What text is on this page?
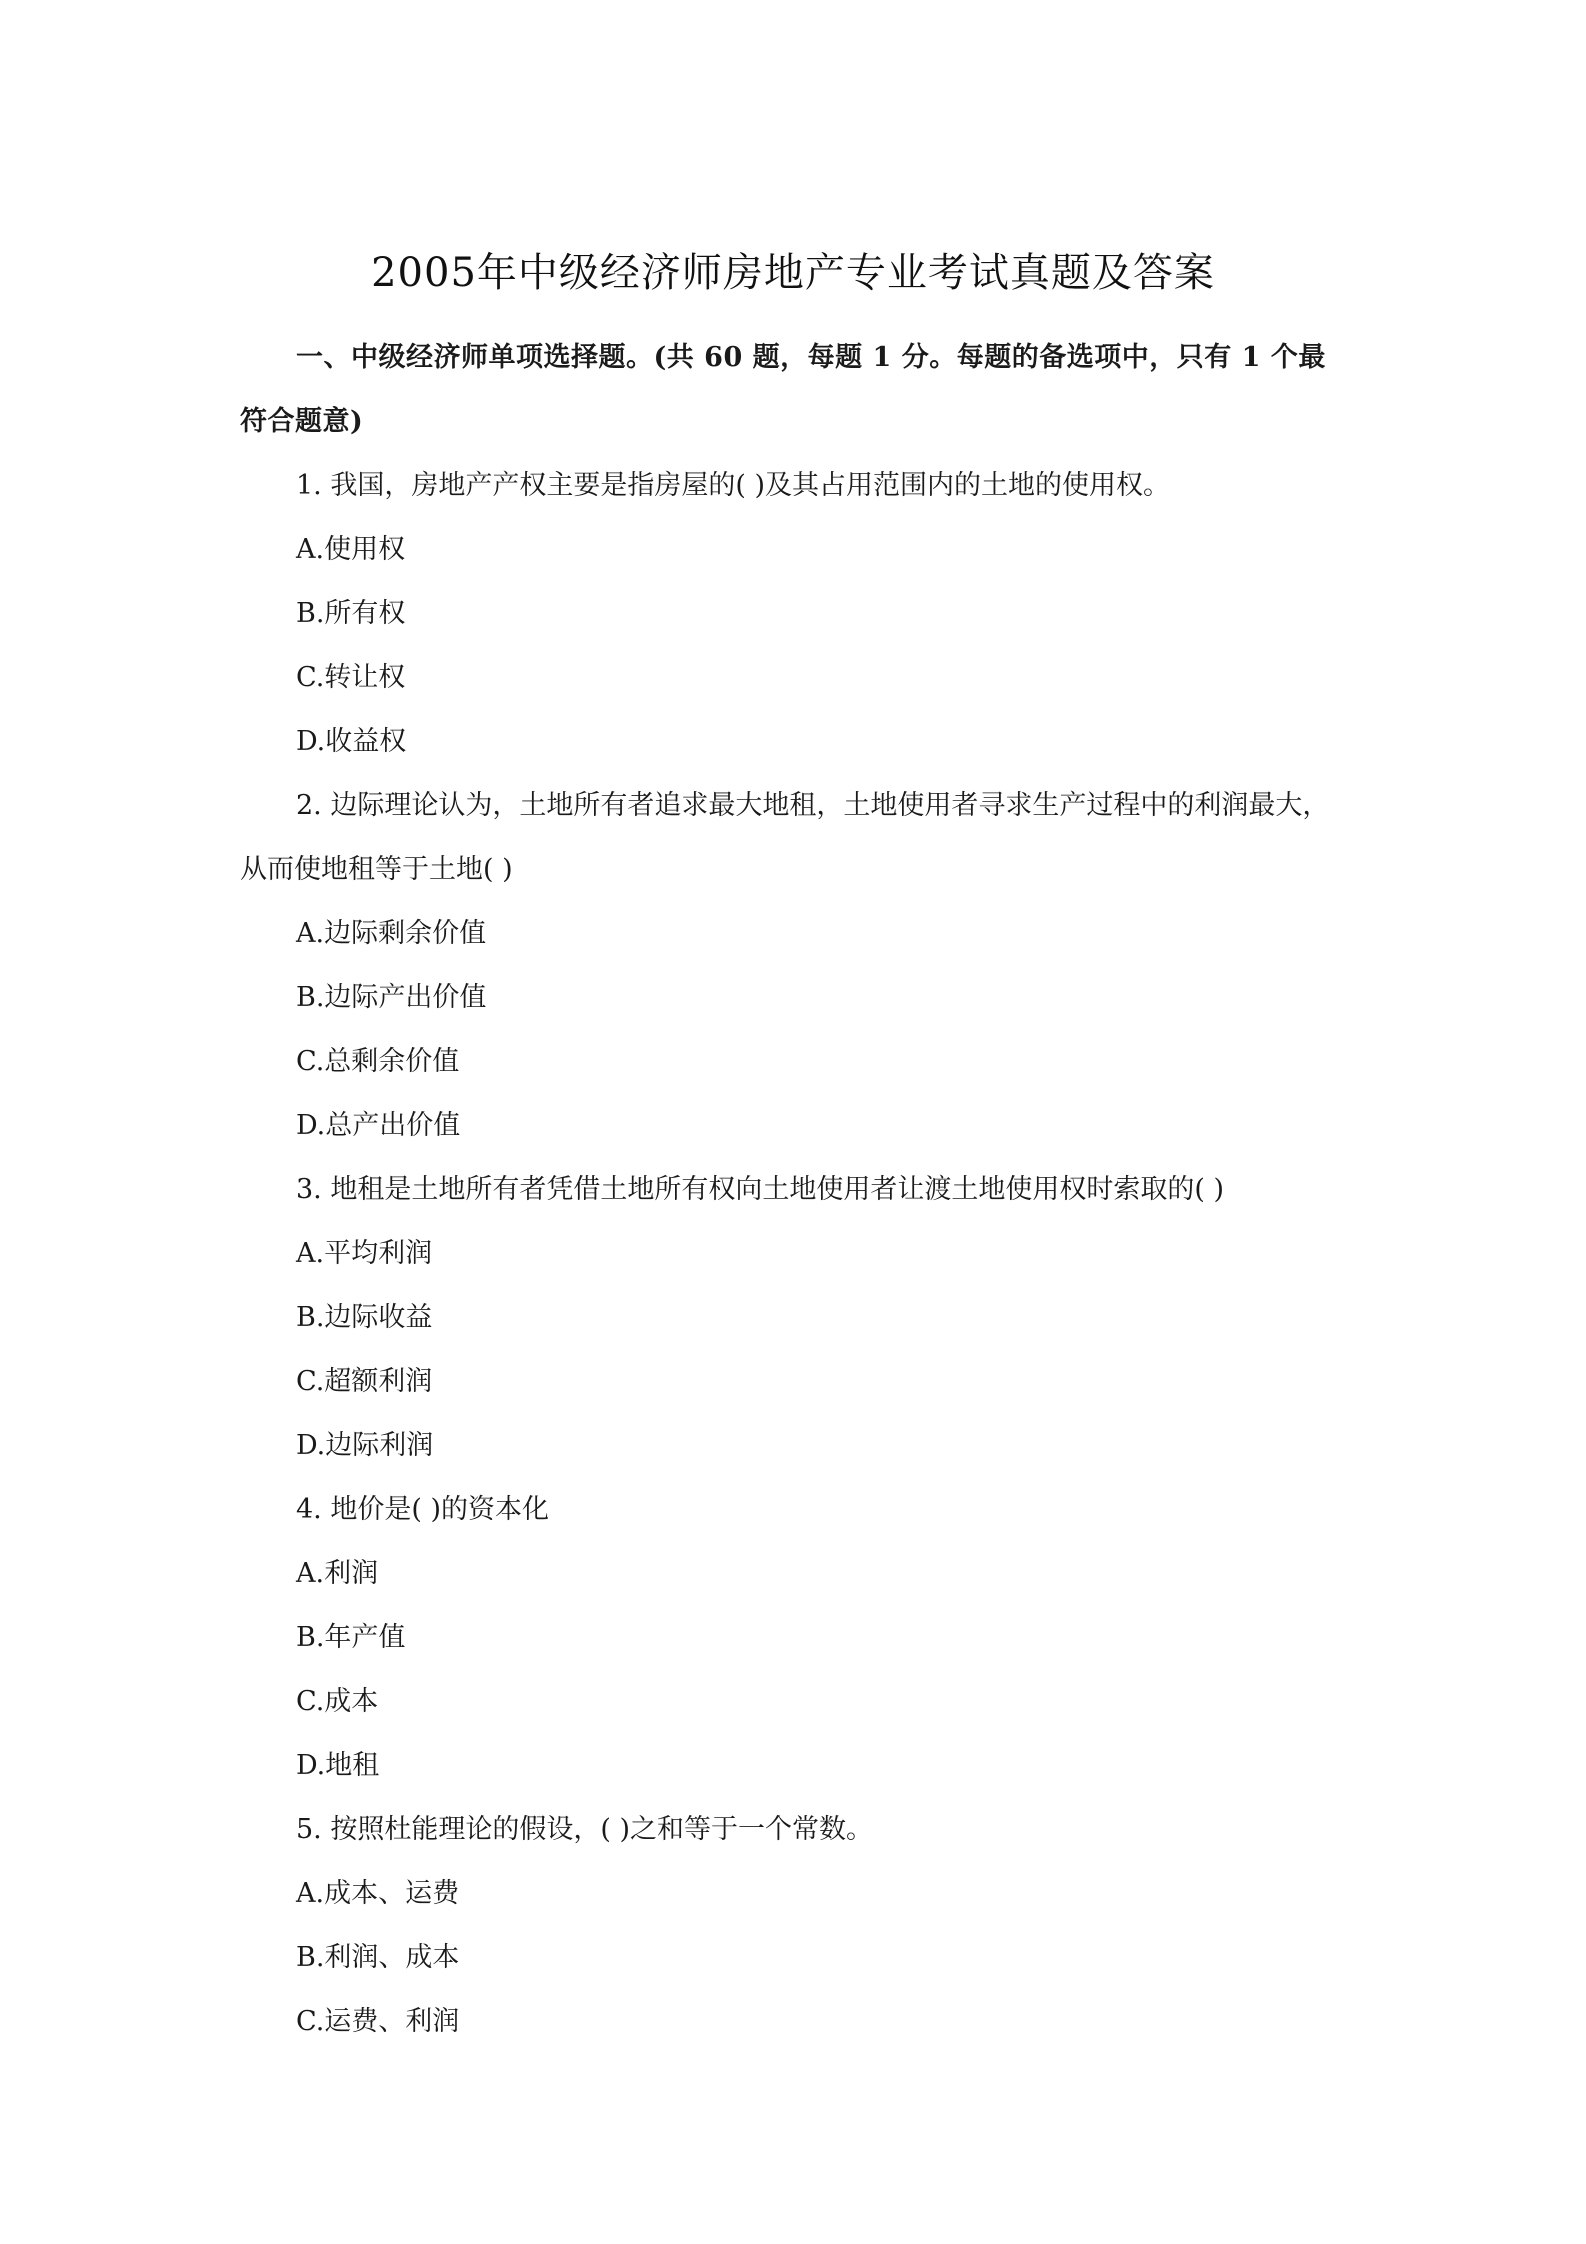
2005年中级经济师房地产专业考试真题及答案

一、中级经济师单项选择题。(共 60 题，每题 1 分。每题的备选项中，只有 1 个最符合题意)

1. 我国，房地产产权主要是指房屋的( )及其占用范围内的土地的使用权。

A.使用权

B.所有权

C.转让权

D.收益权

2. 边际理论认为，土地所有者追求最大地租，土地使用者寻求生产过程中的利润最大，从而使地租等于土地( )

A.边际剩余价值

B.边际产出价值

C.总剩余价值

D.总产出价值

3. 地租是土地所有者凭借土地所有权向土地使用者让渡土地使用权时索取的( )

A.平均利润

B.边际收益

C.超额利润

D.边际利润

4. 地价是( )的资本化

A.利润

B.年产值

C.成本

D.地租

5. 按照杜能理论的假设，( )之和等于一个常数。

A.成本、运费

B.利润、成本

C.运费、利润
